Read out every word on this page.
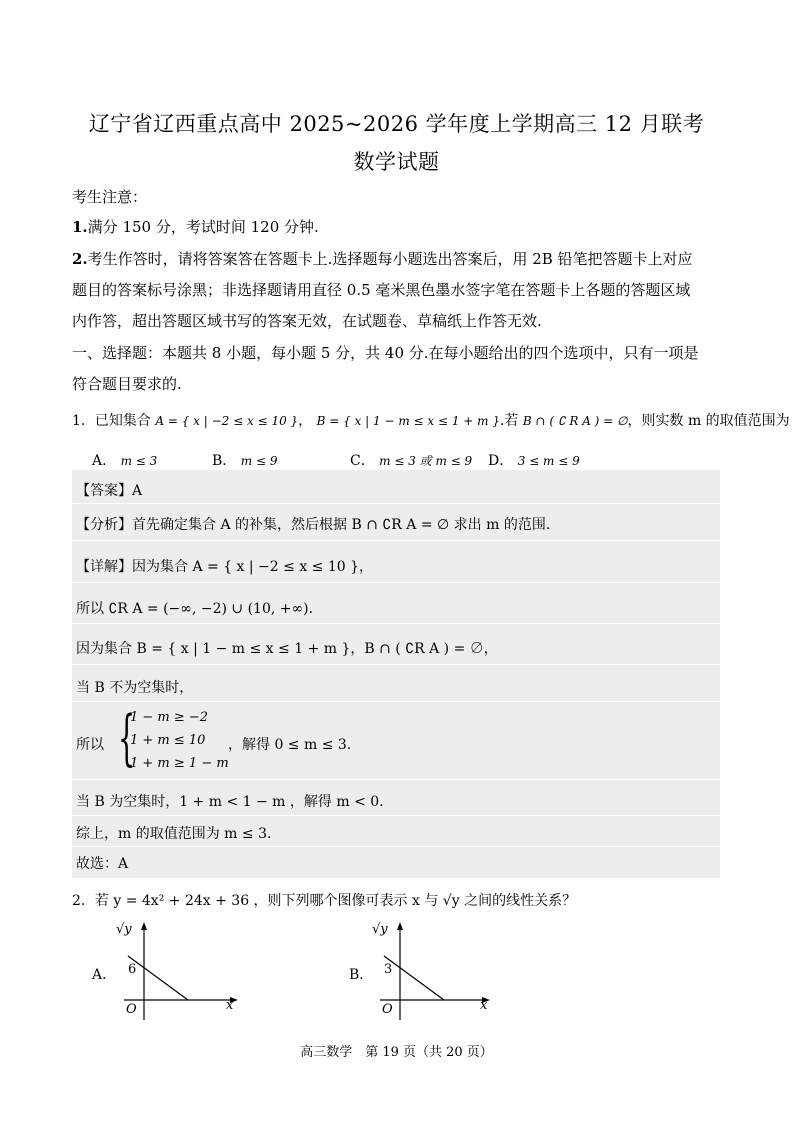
辽宁省辽西重点高中 2025~2026 学年度上学期高三 12 月联考
数学试题
考生注意：
1.满分 150 分，考试时间 120 分钟.
2.考生作答时，请将答案答在答题卡上.选择题每小题选出答案后，用 2B 铅笔把答题卡上对应
题目的答案标号涂黑；非选择题请用直径 0.5 毫米黑色墨水签字笔在答题卡上各题的答题区域
内作答，超出答题区域书写的答案无效，在试题卷、草稿纸上作答无效.
一、选择题：本题共 8 小题，每小题 5 分，共 40 分.在每小题给出的四个选项中，只有一项是
符合题目要求的.
1．已知集合 A = { x | −2 ≤ x ≤ 10 }， B = { x | 1 − m ≤ x ≤ 1 + m }.若 B ∩ ( ∁ R A ) = ∅，则实数 m 的取值范围为
A． m ≤ 3	B． m ≤ 9	C． m ≤ 3 或 m ≤ 9 D． 3 ≤ m ≤ 9
【答案】A
【分析】首先确定集合 A 的补集，然后根据 B ∩ ∁R A = ∅ 求出 m 的范围.
【详解】因为集合 A = { x | −2 ≤ x ≤ 10 }，
所以 ∁R A = (−∞, −2) ∪ (10, +∞).
因为集合 B = { x | 1 − m ≤ x ≤ 1 + m }，B ∩ ( ∁R A ) = ∅，
当 B 不为空集时，
所以 {
1 − m ≥ −2
1 + m ≤ 10
1 + m ≥ 1 − m
，解得 0 ≤ m ≤ 3.
当 B 为空集时，1 + m < 1 − m ，解得 m < 0.
综上，m 的取值范围为 m ≤ 3.
故选：A
2．若 y = 4x² + 24x + 36 ，则下列哪个图像可表示 x 与 √y 之间的线性关系？
A．
√y
6
O	x
B．
√y
3
O	x
高三数学　第 19 页（共 20 页）
